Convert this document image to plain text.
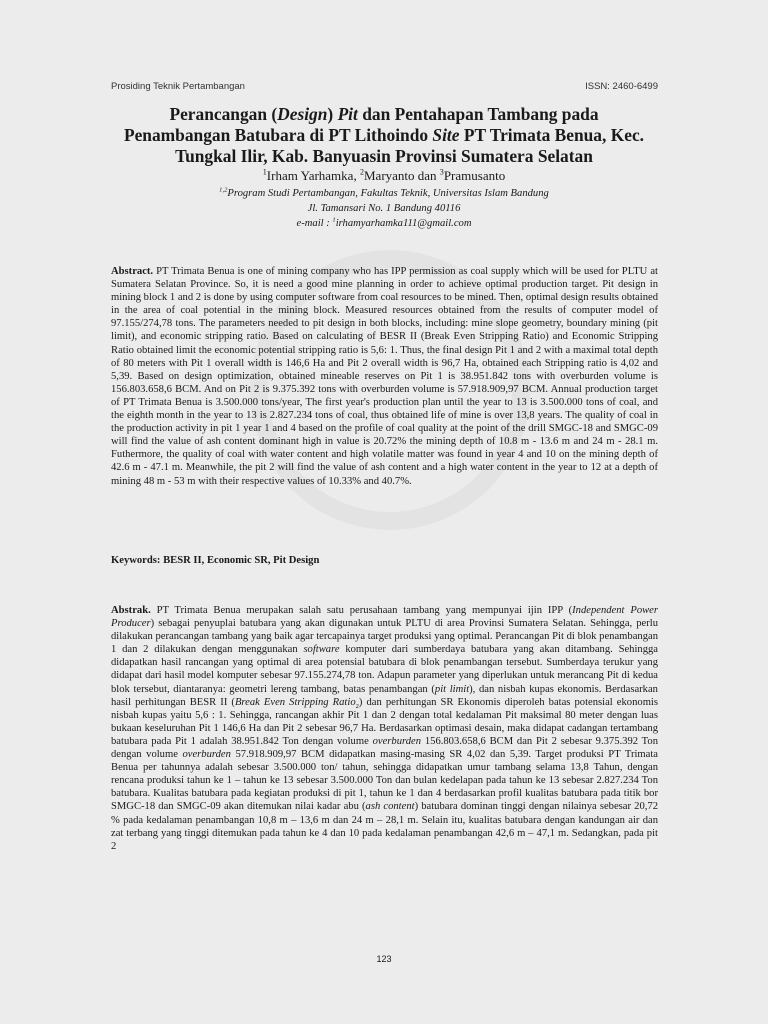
Prosiding Teknik Pertambangan	ISSN: 2460-6499
Perancangan (Design) Pit dan Pentahapan Tambang pada
Penambangan Batubara di PT Lithoindo Site PT Trimata Benua, Kec.
Tungkal Ilir, Kab. Banyuasin Provinsi Sumatera Selatan
$^1$Irham Yarhamka, $^2$Maryanto dan $^3$Pramusanto
$^{1,2}$Program Studi Pertambangan, Fakultas Teknik, Universitas Islam Bandung
Jl. Tamansari No. 1 Bandung 40116
e-mail : $^1$irhamyarhamka111@gmail.com
Abstract. PT Trimata Benua is one of mining company who has IPP permission as coal supply which will be used for PLTU at Sumatera Selatan Province. So, it is need a good mine planning in order to achieve optimal production target. Pit design in mining block 1 and 2 is done by using computer software from coal resources to be mined. Then, optimal design results obtained in the area of coal potential in the mining block. Measured resources obtained from the results of computer model of 97.155/274,78 tons. The parameters needed to pit design in both blocks, including: mine slope geometry, boundary mining (pit limit), and economic stripping ratio. Based on calculating of BESR II (Break Even Stripping Ratio) and Economic Stripping Ratio obtained limit the economic potential stripping ratio is 5,6: 1. Thus, the final design Pit 1 and 2 with a maximal total depth of 80 meters with Pit 1 overall width is 146,6 Ha and Pit 2 overall width is 96,7 Ha, obtained each Stripping ratio is 4,02 and 5,39. Based on design optimization, obtained mineable reserves on Pit 1 is 38.951.842 tons with overburden volume is 156.803.658,6 BCM. And on Pit 2 is 9.375.392 tons with overburden volume is 57.918.909,97 BCM. Annual production target of PT Trimata Benua is 3.500.000 tons/year, The first year's production plan until the year to 13 is 3.500.000 tons of coal, and the eighth month in the year to 13 is 2.827.234 tons of coal, thus obtained life of mine is over 13,8 years. The quality of coal in the production activity in pit 1 year 1 and 4 based on the profile of coal quality at the point of the drill SMGC-18 and SMGC-09 will find the value of ash content dominant high in value is 20.72% the mining depth of 10.8 m - 13.6 m and 24 m - 28.1 m. Futhermore, the quality of coal with water content and high volatile matter was found in year 4 and 10 on the mining depth of 42.6 m - 47.1 m. Meanwhile, the pit 2 will find the value of ash content and a high water content in the year to 12 at a depth of mining 48 m - 53 m with their respective values of 10.33% and 40.7%.
Keywords: BESR II, Economic SR, Pit Design
Abstrak. PT Trimata Benua merupakan salah satu perusahaan tambang yang mempunyai ijin IPP (Independent Power Producer) sebagai penyuplai batubara yang akan digunakan untuk PLTU di area Provinsi Sumatera Selatan. Sehingga, perlu dilakukan perancangan tambang yang baik agar tercapainya target produksi yang optimal. Perancangan Pit di blok penambangan 1 dan 2 dilakukan dengan menggunakan software komputer dari sumberdaya batubara yang akan ditambang. Sehingga didapatkan hasil rancangan yang optimal di area potensial batubara di blok penambangan tersebut. Sumberdaya terukur yang didapat dari hasil model komputer sebesar 97.155.274,78 ton. Adapun parameter yang diperlukan untuk merancang Pit di kedua blok tersebut, diantaranya: geometri lereng tambang, batas penambangan (pit limit), dan nisbah kupas ekonomis. Berdasarkan hasil perhitungan BESR II (Break Even Stripping Ratio$_2$) dan perhitungan SR Ekonomis diperoleh batas potensial ekonomis nisbah kupas yaitu 5,6 : 1. Sehingga, rancangan akhir Pit 1 dan 2 dengan total kedalaman Pit maksimal 80 meter dengan luas bukaan keseluruhan Pit 1 146,6 Ha dan Pit 2 sebesar 96,7 Ha. Berdasarkan optimasi desain, maka didapat cadangan tertambang batubara pada Pit 1 adalah 38.951.842 Ton dengan volume overburden 156.803.658,6 BCM dan Pit 2 sebesar 9.375.392 Ton dengan volume overburden 57.918.909,97 BCM didapatkan masing-masing SR 4,02 dan 5,39. Target produksi PT Trimata Benua per tahunnya adalah sebesar 3.500.000 ton/ tahun, sehingga didapatkan umur tambang selama 13,8 Tahun, dengan rencana produksi tahun ke 1 – tahun ke 13 sebesar 3.500.000 Ton dan bulan kedelapan pada tahun ke 13 sebesar 2.827.234 Ton batubara. Kualitas batubara pada kegiatan produksi di pit 1, tahun ke 1 dan 4 berdasarkan profil kualitas batubara pada titik bor SMGC-18 dan SMGC-09 akan ditemukan nilai kadar abu (ash content) batubara dominan tinggi dengan nilainya sebesar 20,72 % pada kedalaman penambangan 10,8 m – 13,6 m dan 24 m – 28,1 m. Selain itu, kualitas batubara dengan kandungan air dan zat terbang yang tinggi ditemukan pada tahun ke 4 dan 10 pada kedalaman penambangan 42,6 m – 47,1 m. Sedangkan, pada pit 2
123
